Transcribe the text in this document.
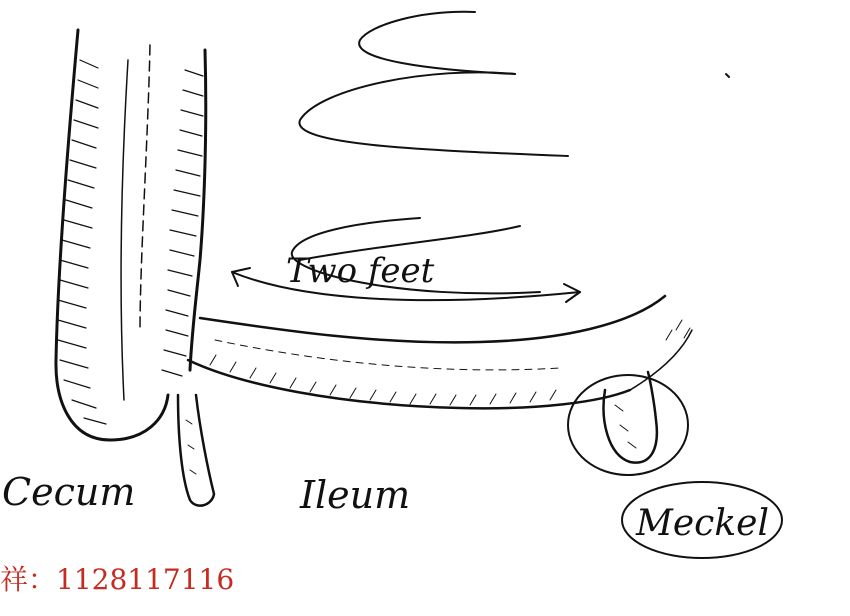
Cecum	Ileum
Two feet
Meckel
祥：1128117116
